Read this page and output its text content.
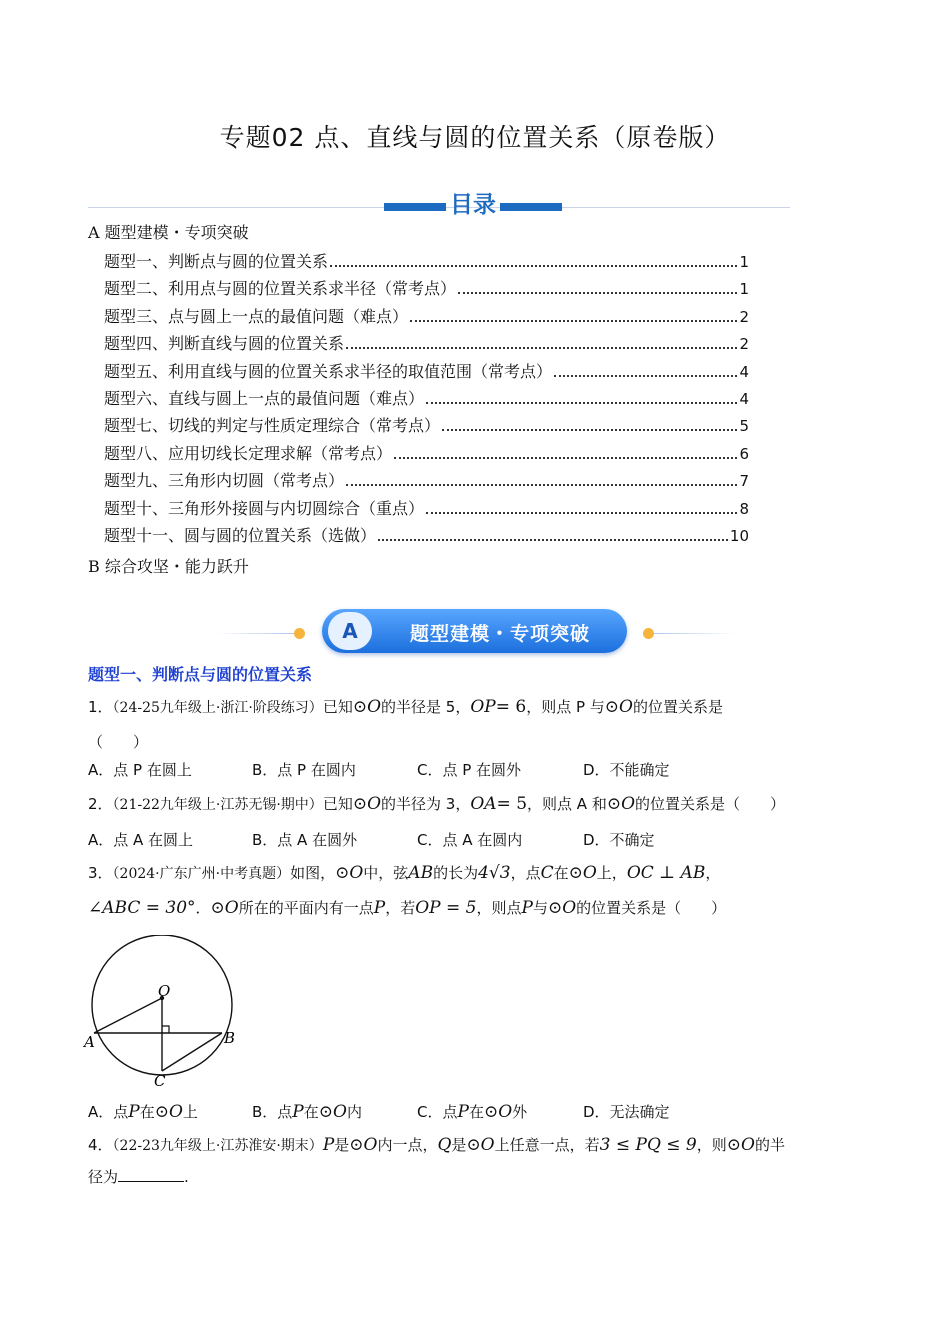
专题02 点、直线与圆的位置关系（原卷版）
目录
A 题型建模・专项突破
题型一、判断点与圆的位置关系	1
题型二、利用点与圆的位置关系求半径（常考点）	1
题型三、点与圆上一点的最值问题（难点）	2
题型四、判断直线与圆的位置关系	2
题型五、利用直线与圆的位置关系求半径的取值范围（常考点）	4
题型六、直线与圆上一点的最值问题（难点）	4
题型七、切线的判定与性质定理综合（常考点）	5
题型八、应用切线长定理求解（常考点）	6
题型九、三角形内切圆（常考点）	7
题型十、三角形外接圆与内切圆综合（重点）	8
题型十一、圆与圆的位置关系（选做）	10
B 综合攻坚・能力跃升
A	题型建模・专项突破
题型一、判断点与圆的位置关系
1．（24-25九年级上·浙江·阶段练习）已知⊙O的半径是 5，OP= 6，则点 P 与⊙O的位置关系是
（　　）
A．点 P 在圆上	B．点 P 在圆内	C．点 P 在圆外	D．不能确定
2．（21-22九年级上·江苏无锡·期中）已知⊙O的半径为 3，OA= 5，则点 A 和⊙O的位置关系是（　　）
A．点 A 在圆上	B．点 A 在圆外	C．点 A 在圆内	D．不确定
3．（2024·广东广州·中考真题）如图，⊙O中，弦AB的长为4√3，点C在⊙O上，OC ⊥ AB，
∠ABC = 30°．⊙O所在的平面内有一点P，若OP = 5，则点P与⊙O的位置关系是（　　）
O
A	B
C
A．点P在⊙O上	B．点P在⊙O内	C．点P在⊙O外	D．无法确定
4．（22-23九年级上·江苏淮安·期末）P是⊙O内一点，Q是⊙O上任意一点，若3 ≤ PQ ≤ 9，则⊙O的半
径为	.
